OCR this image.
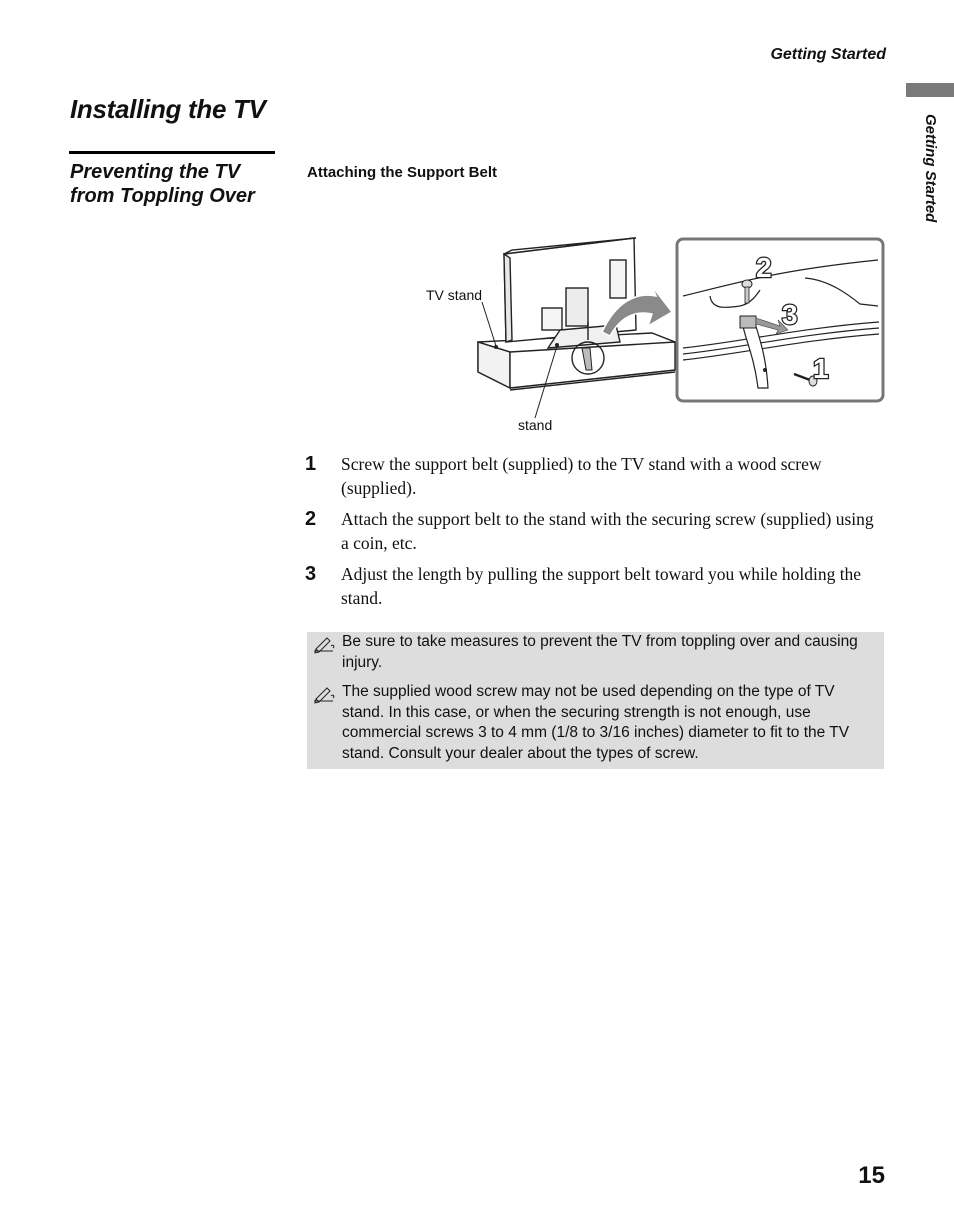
Getting Started
Getting Started
Installing the TV
Preventing the TV from Toppling Over
Attaching the Support Belt
2
3
1
TV stand
stand
1	Screw the support belt (supplied) to the TV stand with a wood screw (supplied).
2	Attach the support belt to the stand with the securing screw (supplied) using a coin, etc.
3	Adjust the length by pulling the support belt toward you while holding the stand.
Be sure to take measures to prevent the TV from toppling over and causing injury.
The supplied wood screw may not be used depending on the type of TV stand. In this case, or when the securing strength is not enough, use commercial screws 3 to 4 mm (1/8 to 3/16 inches) diameter to fit to the TV stand. Consult your dealer about the types of screw.
15
